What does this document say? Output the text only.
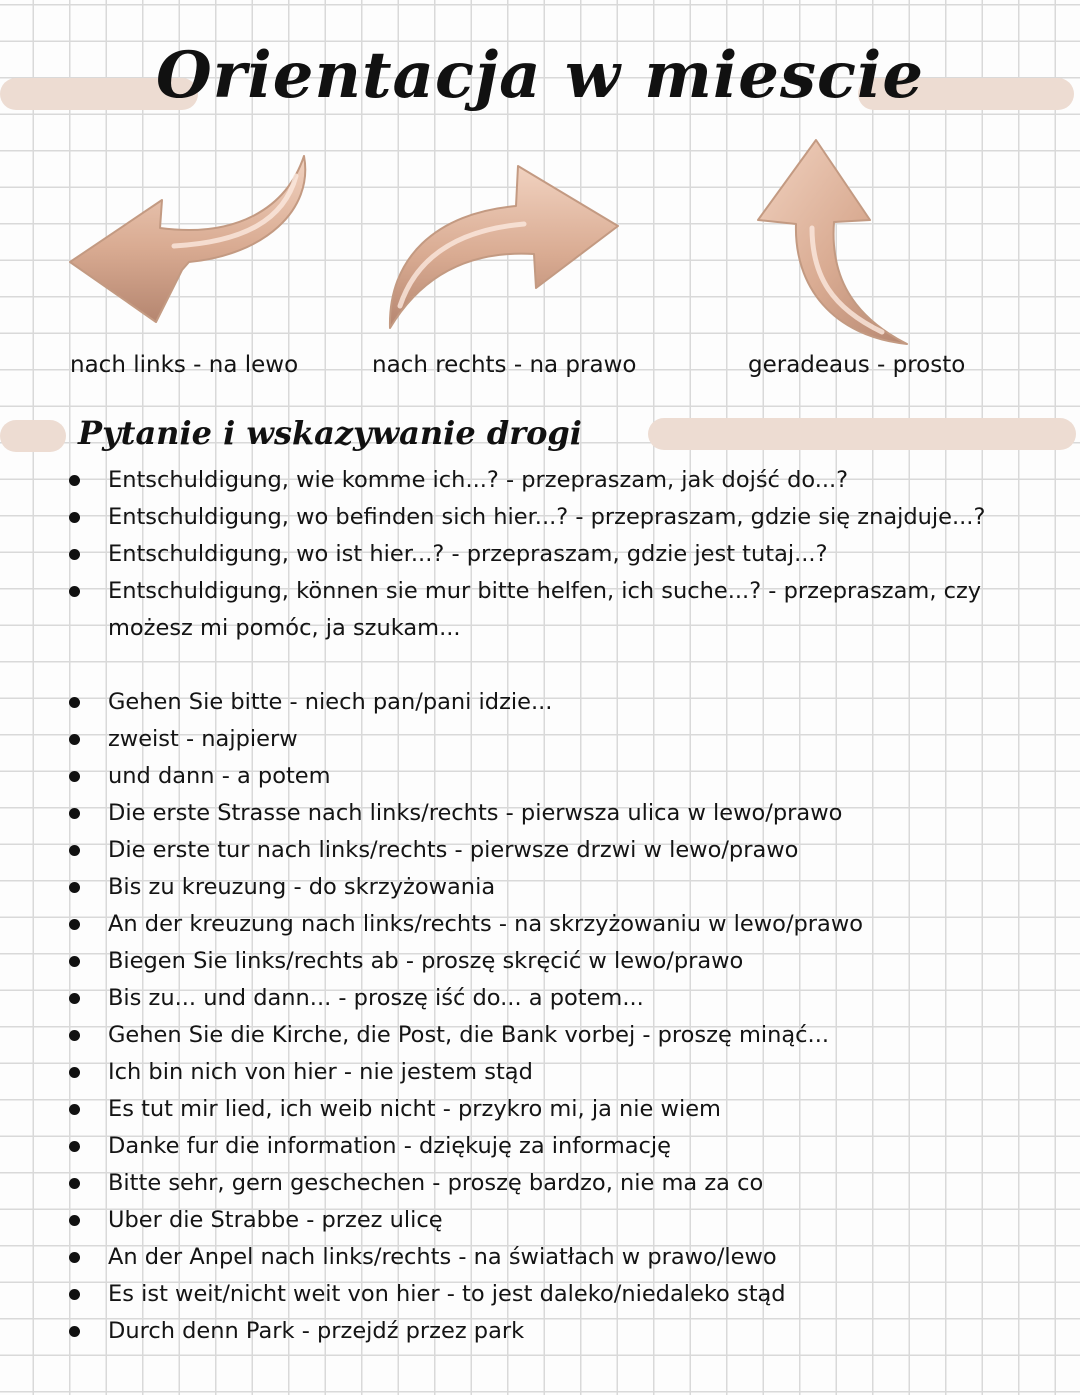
Orientacja w miescie
nach links - na lewo	nach rechts - na prawo	geradeaus - prosto
Pytanie i wskazywanie drogi
Entschuldigung, wie komme ich...? - przepraszam, jak dojść do...?
Entschuldigung, wo befinden sich hier...? - przepraszam, gdzie się znajduje...?
Entschuldigung, wo ist hier...? - przepraszam, gdzie jest tutaj...?
Entschuldigung, können sie mur bitte helfen, ich suche...? - przepraszam, czy możesz mi pomóc, ja szukam...
Gehen Sie bitte - niech pan/pani idzie...
zweist - najpierw
und dann - a potem
Die erste Strasse nach links/rechts - pierwsza ulica w lewo/prawo
Die erste tur nach links/rechts - pierwsze drzwi w lewo/prawo
Bis zu kreuzung - do skrzyżowania
An der kreuzung nach links/rechts - na skrzyżowaniu w lewo/prawo
Biegen Sie links/rechts ab - proszę skręcić w lewo/prawo
Bis zu... und dann... - proszę iść do... a potem...
Gehen Sie die Kirche, die Post, die Bank vorbej - proszę minąć...
Ich bin nich von hier - nie jestem stąd
Es tut mir lied, ich weib nicht - przykro mi, ja nie wiem
Danke fur die information - dziękuję za informację
Bitte sehr, gern geschechen - proszę bardzo, nie ma za co
Uber die Strabbe - przez ulicę
An der Anpel nach links/rechts - na światłach w prawo/lewo
Es ist weit/nicht weit von hier - to jest daleko/niedaleko stąd
Durch denn Park - przejdź przez park
